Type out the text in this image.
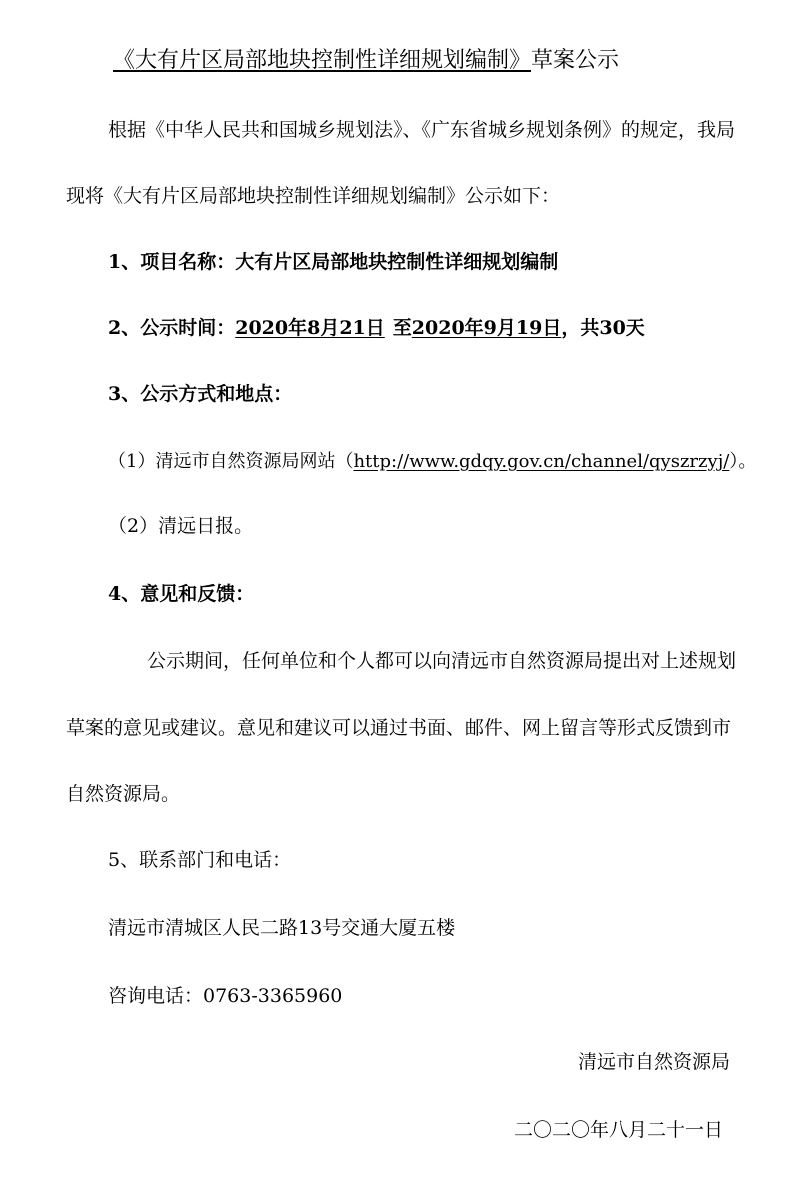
《大有片区局部地块控制性详细规划编制》草案公示
根据《中华人民共和国城乡规划法》、《广东省城乡规划条例》的规定，我局
现将《大有片区局部地块控制性详细规划编制》公示如下：
1、项目名称：大有片区局部地块控制性详细规划编制
2、公示时间：2020年8月21日 至2020年9月19日，共30天
3、公示方式和地点：
（1）清远市自然资源局网站（http://www.gdqy.gov.cn/channel/qyszrzyj/）。
（2）清远日报。
4、意见和反馈：
公示期间，任何单位和个人都可以向清远市自然资源局提出对上述规划
草案的意见或建议。意见和建议可以通过书面、邮件、网上留言等形式反馈到市
自然资源局。
5、联系部门和电话：
清远市清城区人民二路13号交通大厦五楼
咨询电话：0763-3365960
清远市自然资源局
二〇二〇年八月二十一日
